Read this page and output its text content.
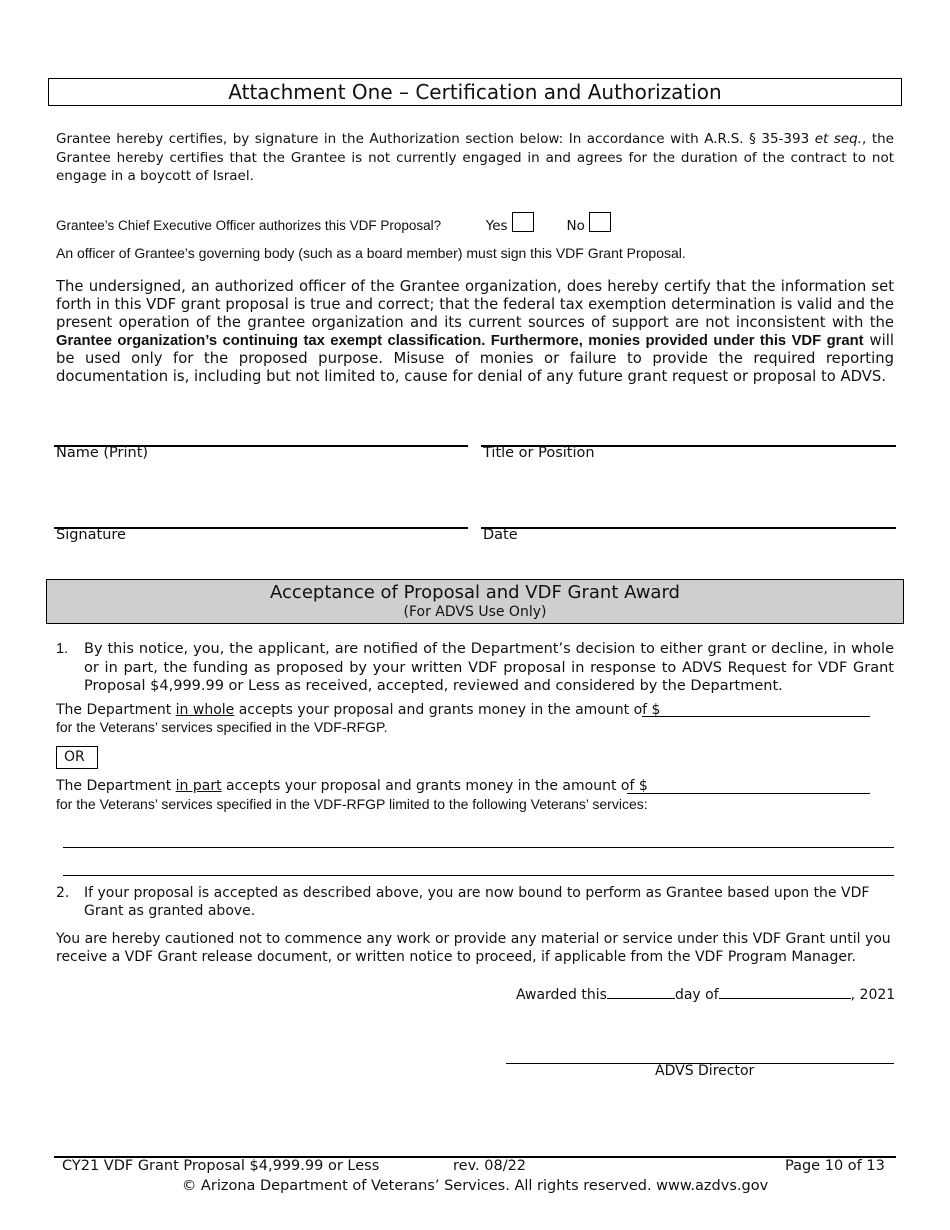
Attachment One – Certification and Authorization
Grantee hereby certifies, by signature in the Authorization section below: In accordance with A.R.S. § 35-393 et seq., the Grantee hereby certifies that the Grantee is not currently engaged in and agrees for the duration of the contract to not engage in a boycott of Israel.
Grantee’s Chief Executive Officer authorizes this VDF Proposal?	Yes	No
An officer of Grantee’s governing body (such as a board member) must sign this VDF Grant Proposal.
The undersigned, an authorized officer of the Grantee organization, does hereby certify that the information set forth in this VDF grant proposal is true and correct; that the federal tax exemption determination is valid and the present operation of the grantee organization and its current sources of support are not inconsistent with the Grantee organization’s continuing tax exempt classification. Furthermore, monies provided under this VDF grant will be used only for the proposed purpose. Misuse of monies or failure to provide the required reporting documentation is, including but not limited to, cause for denial of any future grant request or proposal to ADVS.
Name (Print)	Title or Position
Signature	Date
Acceptance of Proposal and VDF Grant Award
(For ADVS Use Only)
1. By this notice, you, the applicant, are notified of the Department’s decision to either grant or decline, in whole or in part, the funding as proposed by your written VDF proposal in response to ADVS Request for VDF Grant Proposal $4,999.99 or Less as received, accepted, reviewed and considered by the Department.
The Department in whole accepts your proposal and grants money in the amount of $
for the Veterans’ services specified in the VDF-RFGP.
OR
The Department in part accepts your proposal and grants money in the amount of $
for the Veterans’ services specified in the VDF-RFGP limited to the following Veterans’ services:
2. If your proposal is accepted as described above, you are now bound to perform as Grantee based upon the VDF Grant as granted above.
You are hereby cautioned not to commence any work or provide any material or service under this VDF Grant until you receive a VDF Grant release document, or written notice to proceed, if applicable from the VDF Program Manager.
Awarded this	day of	, 2021
ADVS Director
CY21 VDF Grant Proposal $4,999.99 or Less	rev. 08/22	Page 10 of 13
© Arizona Department of Veterans’ Services. All rights reserved. www.azdvs.gov
